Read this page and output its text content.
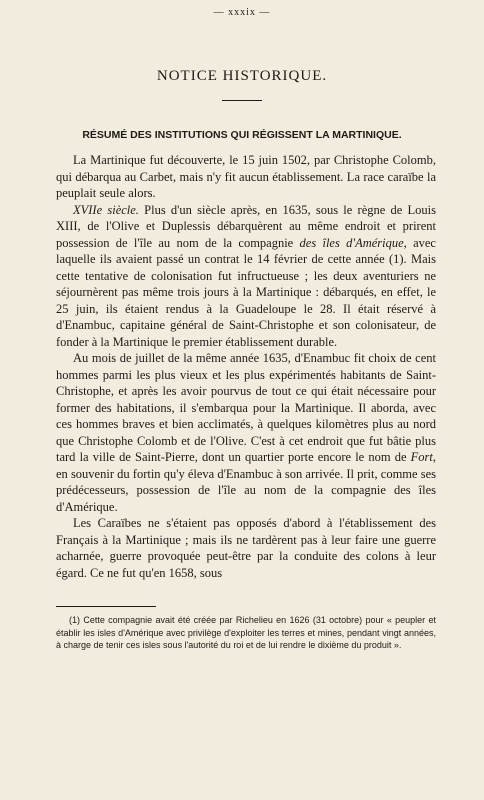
— xxxix —
NOTICE HISTORIQUE.
RÉSUMÉ DES INSTITUTIONS QUI RÉGISSENT LA MARTINIQUE.

La Martinique fut découverte, le 15 juin 1502, par Christophe Colomb, qui débarqua au Carbet, mais n'y fit aucun établissement. La race caraïbe la peuplait seule alors.

XVIIe siècle. Plus d'un siècle après, en 1635, sous le règne de Louis XIII, de l'Olive et Duplessis débarquèrent au même endroit et prirent possession de l'île au nom de la compagnie des îles d'Amérique, avec laquelle ils avaient passé un contrat le 14 février de cette année (1). Mais cette tentative de colonisation fut infructueuse ; les deux aventuriers ne séjournèrent pas même trois jours à la Martinique : débarqués, en effet, le 25 juin, ils étaient rendus à la Guadeloupe le 28. Il était réservé à d'Enambuc, capitaine général de Saint-Christophe et son colonisateur, de fonder à la Martinique le premier établissement durable.

Au mois de juillet de la même année 1635, d'Enambuc fit choix de cent hommes parmi les plus vieux et les plus expérimentés habitants de Saint-Christophe, et après les avoir pourvus de tout ce qui était nécessaire pour former des habitations, il s'embarqua pour la Martinique. Il aborda, avec ces hommes braves et bien acclimatés, à quelques kilomètres plus au nord que Christophe Colomb et de l'Olive. C'est à cet endroit que fut bâtie plus tard la ville de Saint-Pierre, dont un quartier porte encore le nom de Fort, en souvenir du fortin qu'y éleva d'Enambuc à son arrivée. Il prit, comme ses prédécesseurs, possession de l'île au nom de la compagnie des îles d'Amérique.

Les Caraïbes ne s'étaient pas opposés d'abord à l'établissement des Français à la Martinique ; mais ils ne tardèrent pas à leur faire une guerre acharnée, guerre provoquée peut-être par la conduite des colons à leur égard. Ce ne fut qu'en 1658, sous

(1) Cette compagnie avait été créée par Richelieu en 1626 (31 octobre) pour « peupler et établir les isles d'Amérique avec privilège d'exploiter les terres et mines, pendant vingt années, à charge de tenir ces isles sous l'autorité du roi et de lui rendre le dixième du produit ».
